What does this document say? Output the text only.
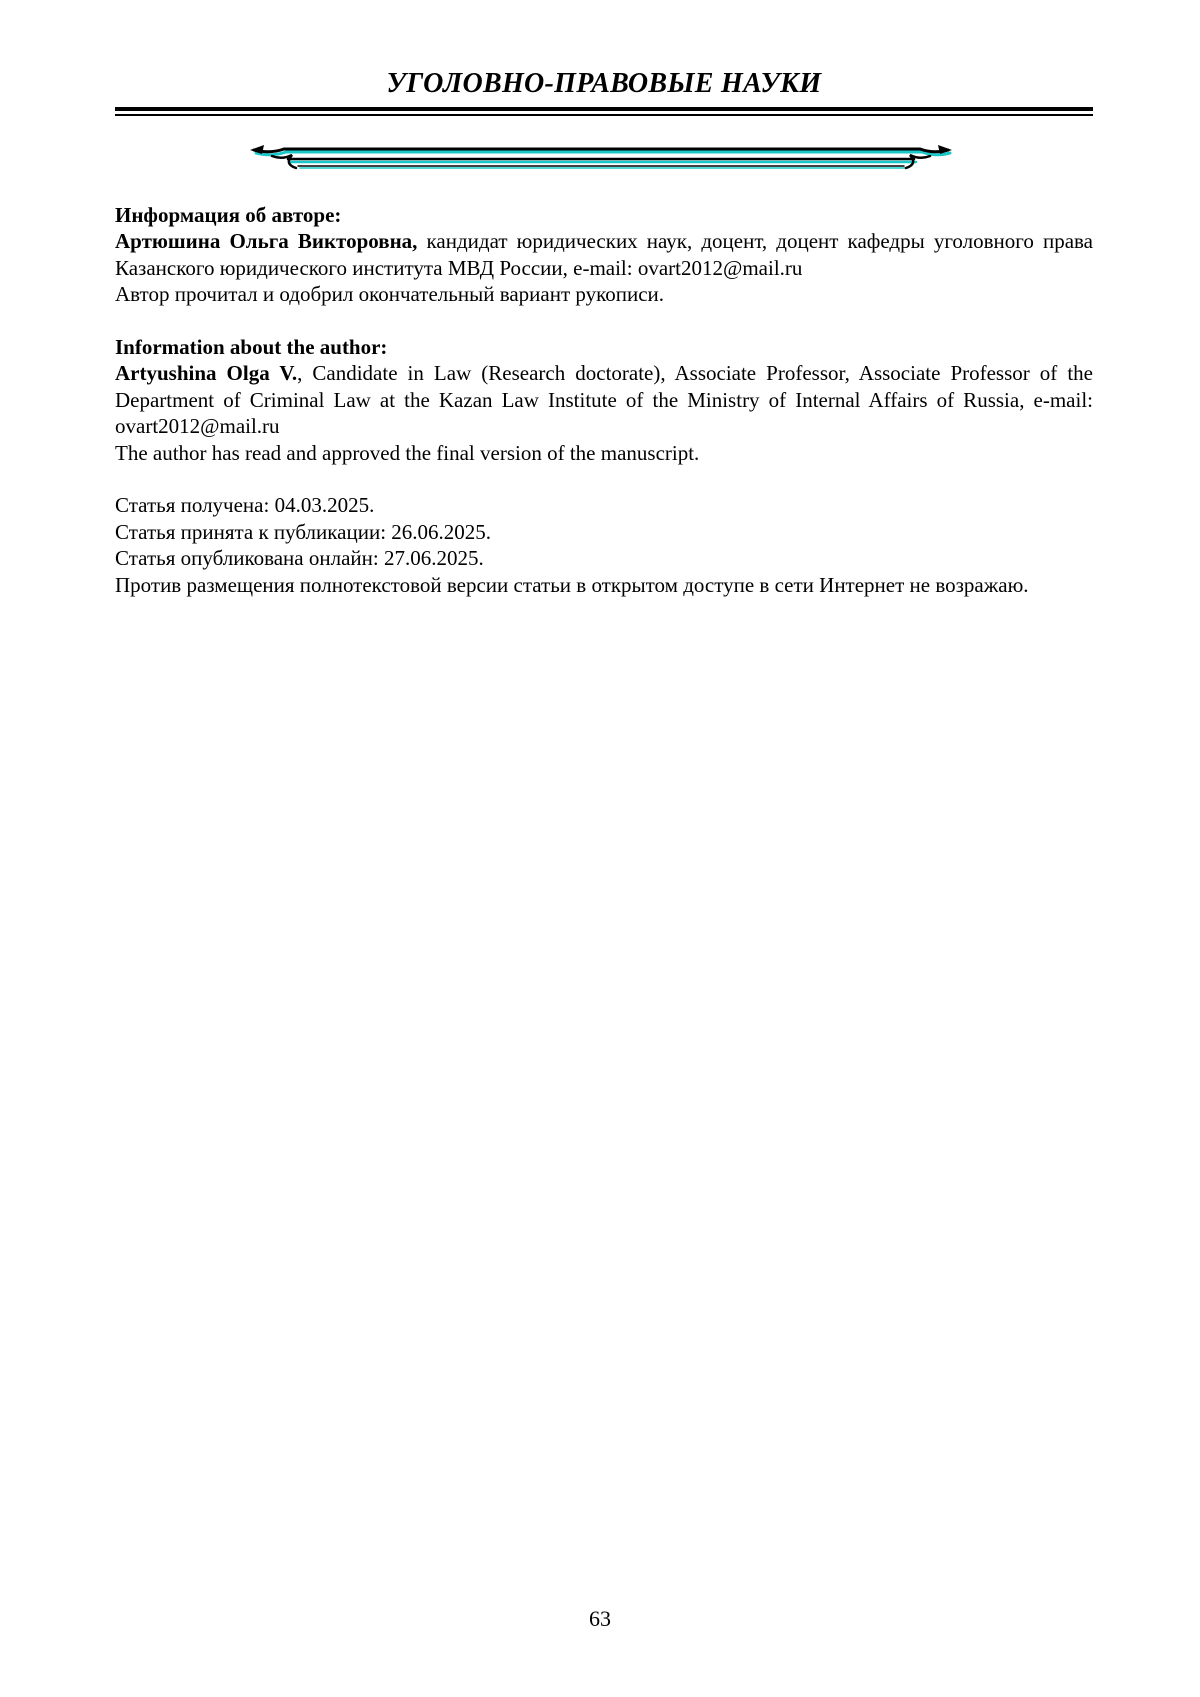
УГОЛОВНО-ПРАВОВЫЕ НАУКИ

Информация об авторе:

Артюшина Ольга Викторовна, кандидат юридических наук, доцент, доцент кафедры уголовного права Казанского юридического института МВД России, e-mail: ovart2012@mail.ru

Автор прочитал и одобрил окончательный вариант рукописи.

Information about the author:

Artyushina Olga V., Candidate in Law (Research doctorate), Associate Professor, Associate Professor of the Department of Criminal Law at the Kazan Law Institute of the Ministry of Internal Affairs of Russia, e-mail: ovart2012@mail.ru

The author has read and approved the final version of the manuscript.

Статья получена: 04.03.2025.

Статья принята к публикации: 26.06.2025.

Статья опубликована онлайн: 27.06.2025.

Против размещения полнотекстовой версии статьи в открытом доступе в сети Интернет не возражаю.

63
